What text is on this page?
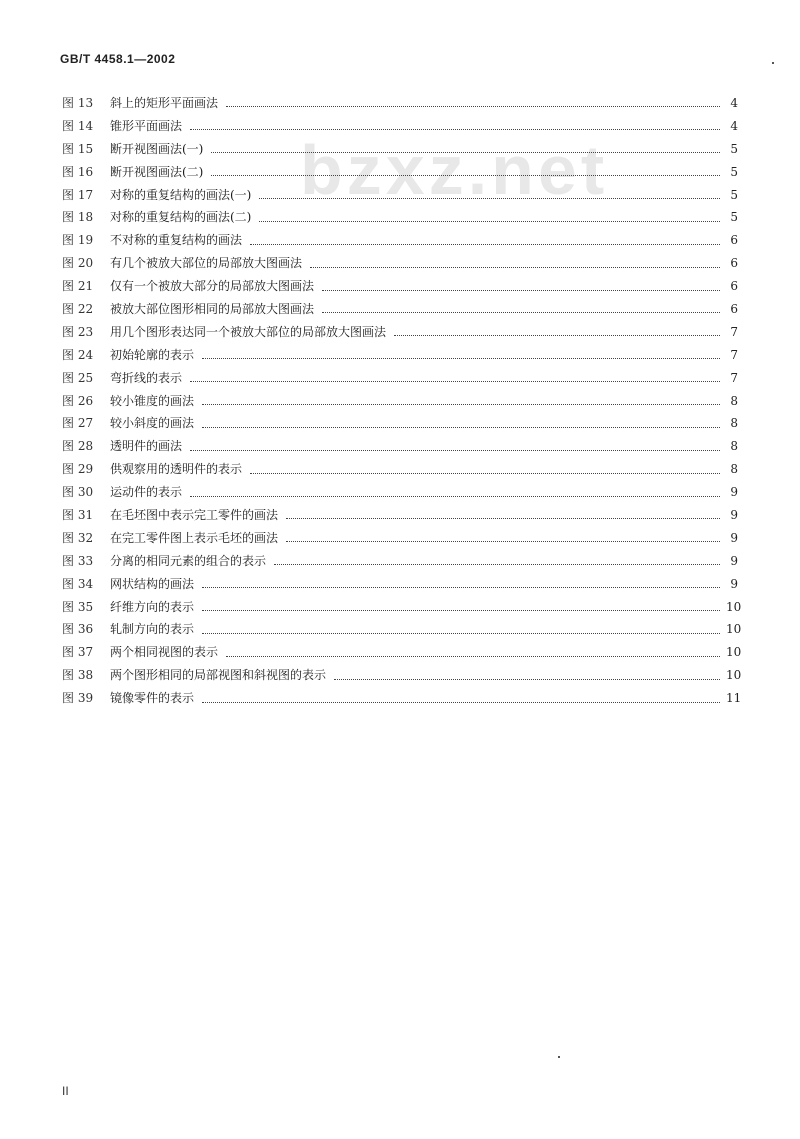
GB/T 4458.1—2002
bzxz.net
图 13	斜上的矩形平面画法	4
图 14	锥形平面画法	4
图 15	断开视图画法(一)	5
图 16	断开视图画法(二)	5
图 17	对称的重复结构的画法(一)	5
图 18	对称的重复结构的画法(二)	5
图 19	不对称的重复结构的画法	6
图 20	有几个被放大部位的局部放大图画法	6
图 21	仅有一个被放大部分的局部放大图画法	6
图 22	被放大部位图形相同的局部放大图画法	6
图 23	用几个图形表达同一个被放大部位的局部放大图画法	7
图 24	初始轮廓的表示	7
图 25	弯折线的表示	7
图 26	较小锥度的画法	8
图 27	较小斜度的画法	8
图 28	透明件的画法	8
图 29	供观察用的透明件的表示	8
图 30	运动件的表示	9
图 31	在毛坯图中表示完工零件的画法	9
图 32	在完工零件图上表示毛坯的画法	9
图 33	分离的相同元素的组合的表示	9
图 34	网状结构的画法	9
图 35	纤维方向的表示	10
图 36	轧制方向的表示	10
图 37	两个相同视图的表示	10
图 38	两个图形相同的局部视图和斜视图的表示	10
图 39	镜像零件的表示	11
II
